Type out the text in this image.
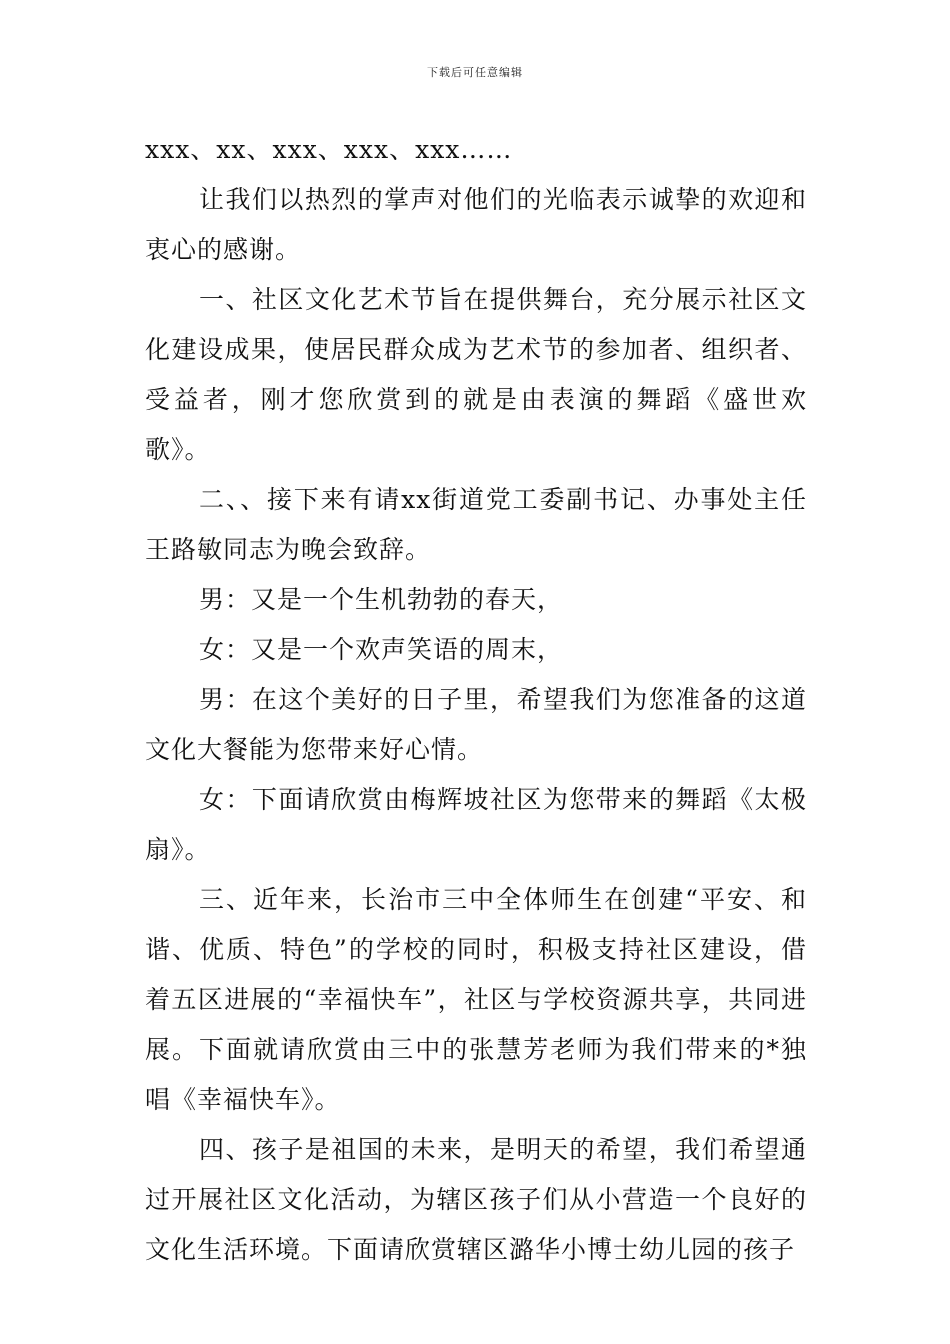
下载后可任意编辑

xxx、xx、xxx、xxx、xxx……

让我们以热烈的掌声对他们的光临表示诚挚的欢迎和衷心的感谢。

一、社区文化艺术节旨在提供舞台，充分展示社区文化建设成果，使居民群众成为艺术节的参加者、组织者、受益者，刚才您欣赏到的就是由表演的舞蹈《盛世欢歌》。

二、、接下来有请xx街道党工委副书记、办事处主任王路敏同志为晚会致辞。

男：又是一个生机勃勃的春天，

女：又是一个欢声笑语的周末，

男：在这个美好的日子里，希望我们为您准备的这道文化大餐能为您带来好心情。

女：下面请欣赏由梅辉坡社区为您带来的舞蹈《太极扇》。

三、近年来，长治市三中全体师生在创建“平安、和谐、优质、特色”的学校的同时，积极支持社区建设，借着五区进展的“幸福快车”，社区与学校资源共享，共同进展。下面就请欣赏由三中的张慧芳老师为我们带来的*独唱《幸福快车》。

四、孩子是祖国的未来，是明天的希望，我们希望通过开展社区文化活动，为辖区孩子们从小营造一个良好的文化生活环境。下面请欣赏辖区潞华小博士幼儿园的孩子
